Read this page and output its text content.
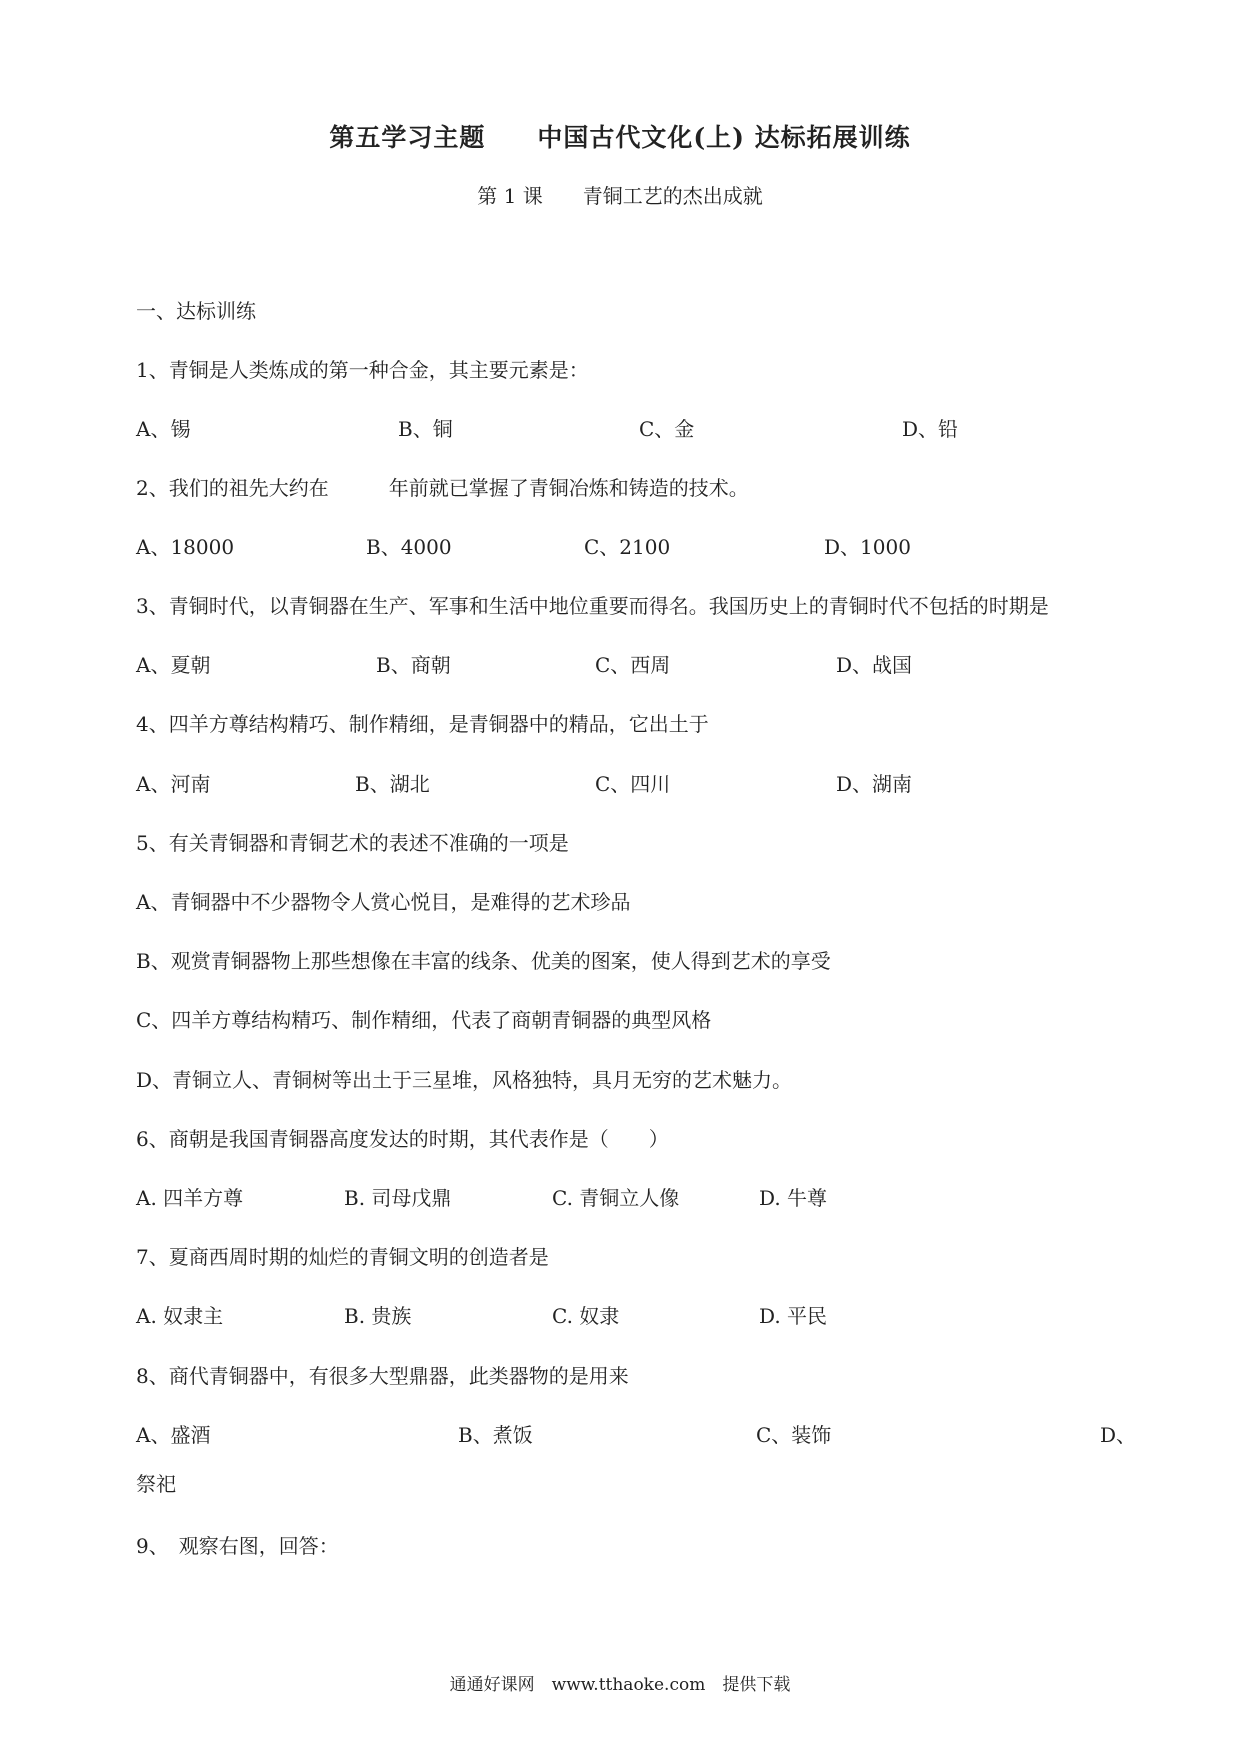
第五学习主题　　中国古代文化(上) 达标拓展训练
第 1 课　　青铜工艺的杰出成就
一、达标训练
1、青铜是人类炼成的第一种合金，其主要元素是：
A、锡	B、铜	C、金	D、铅
2、我们的祖先大约在　　　年前就已掌握了青铜冶炼和铸造的技术。
A、18000	B、4000	C、2100	D、1000
3、青铜时代，以青铜器在生产、军事和生活中地位重要而得名。我国历史上的青铜时代不包括的时期是
A、夏朝	B、商朝	C、西周	D、战国
4、四羊方尊结构精巧、制作精细，是青铜器中的精品，它出土于
A、河南	B、湖北	C、四川	D、湖南
5、有关青铜器和青铜艺术的表述不准确的一项是
A、青铜器中不少器物令人赏心悦目，是难得的艺术珍品
B、观赏青铜器物上那些想像在丰富的线条、优美的图案，使人得到艺术的享受
C、四羊方尊结构精巧、制作精细，代表了商朝青铜器的典型风格
D、青铜立人、青铜树等出土于三星堆，风格独特，具月无穷的艺术魅力。
6、商朝是我国青铜器高度发达的时期，其代表作是（　　）
A. 四羊方尊	B. 司母戊鼎	C. 青铜立人像	D. 牛尊
7、夏商西周时期的灿烂的青铜文明的创造者是
A. 奴隶主	B. 贵族	C. 奴隶	D. 平民
8、商代青铜器中，有很多大型鼎器，此类器物的是用来
A、盛酒	B、煮饭	C、装饰	D、
祭祀
9、　观察右图，回答：
通通好课网　www.tthaoke.com　提供下载
